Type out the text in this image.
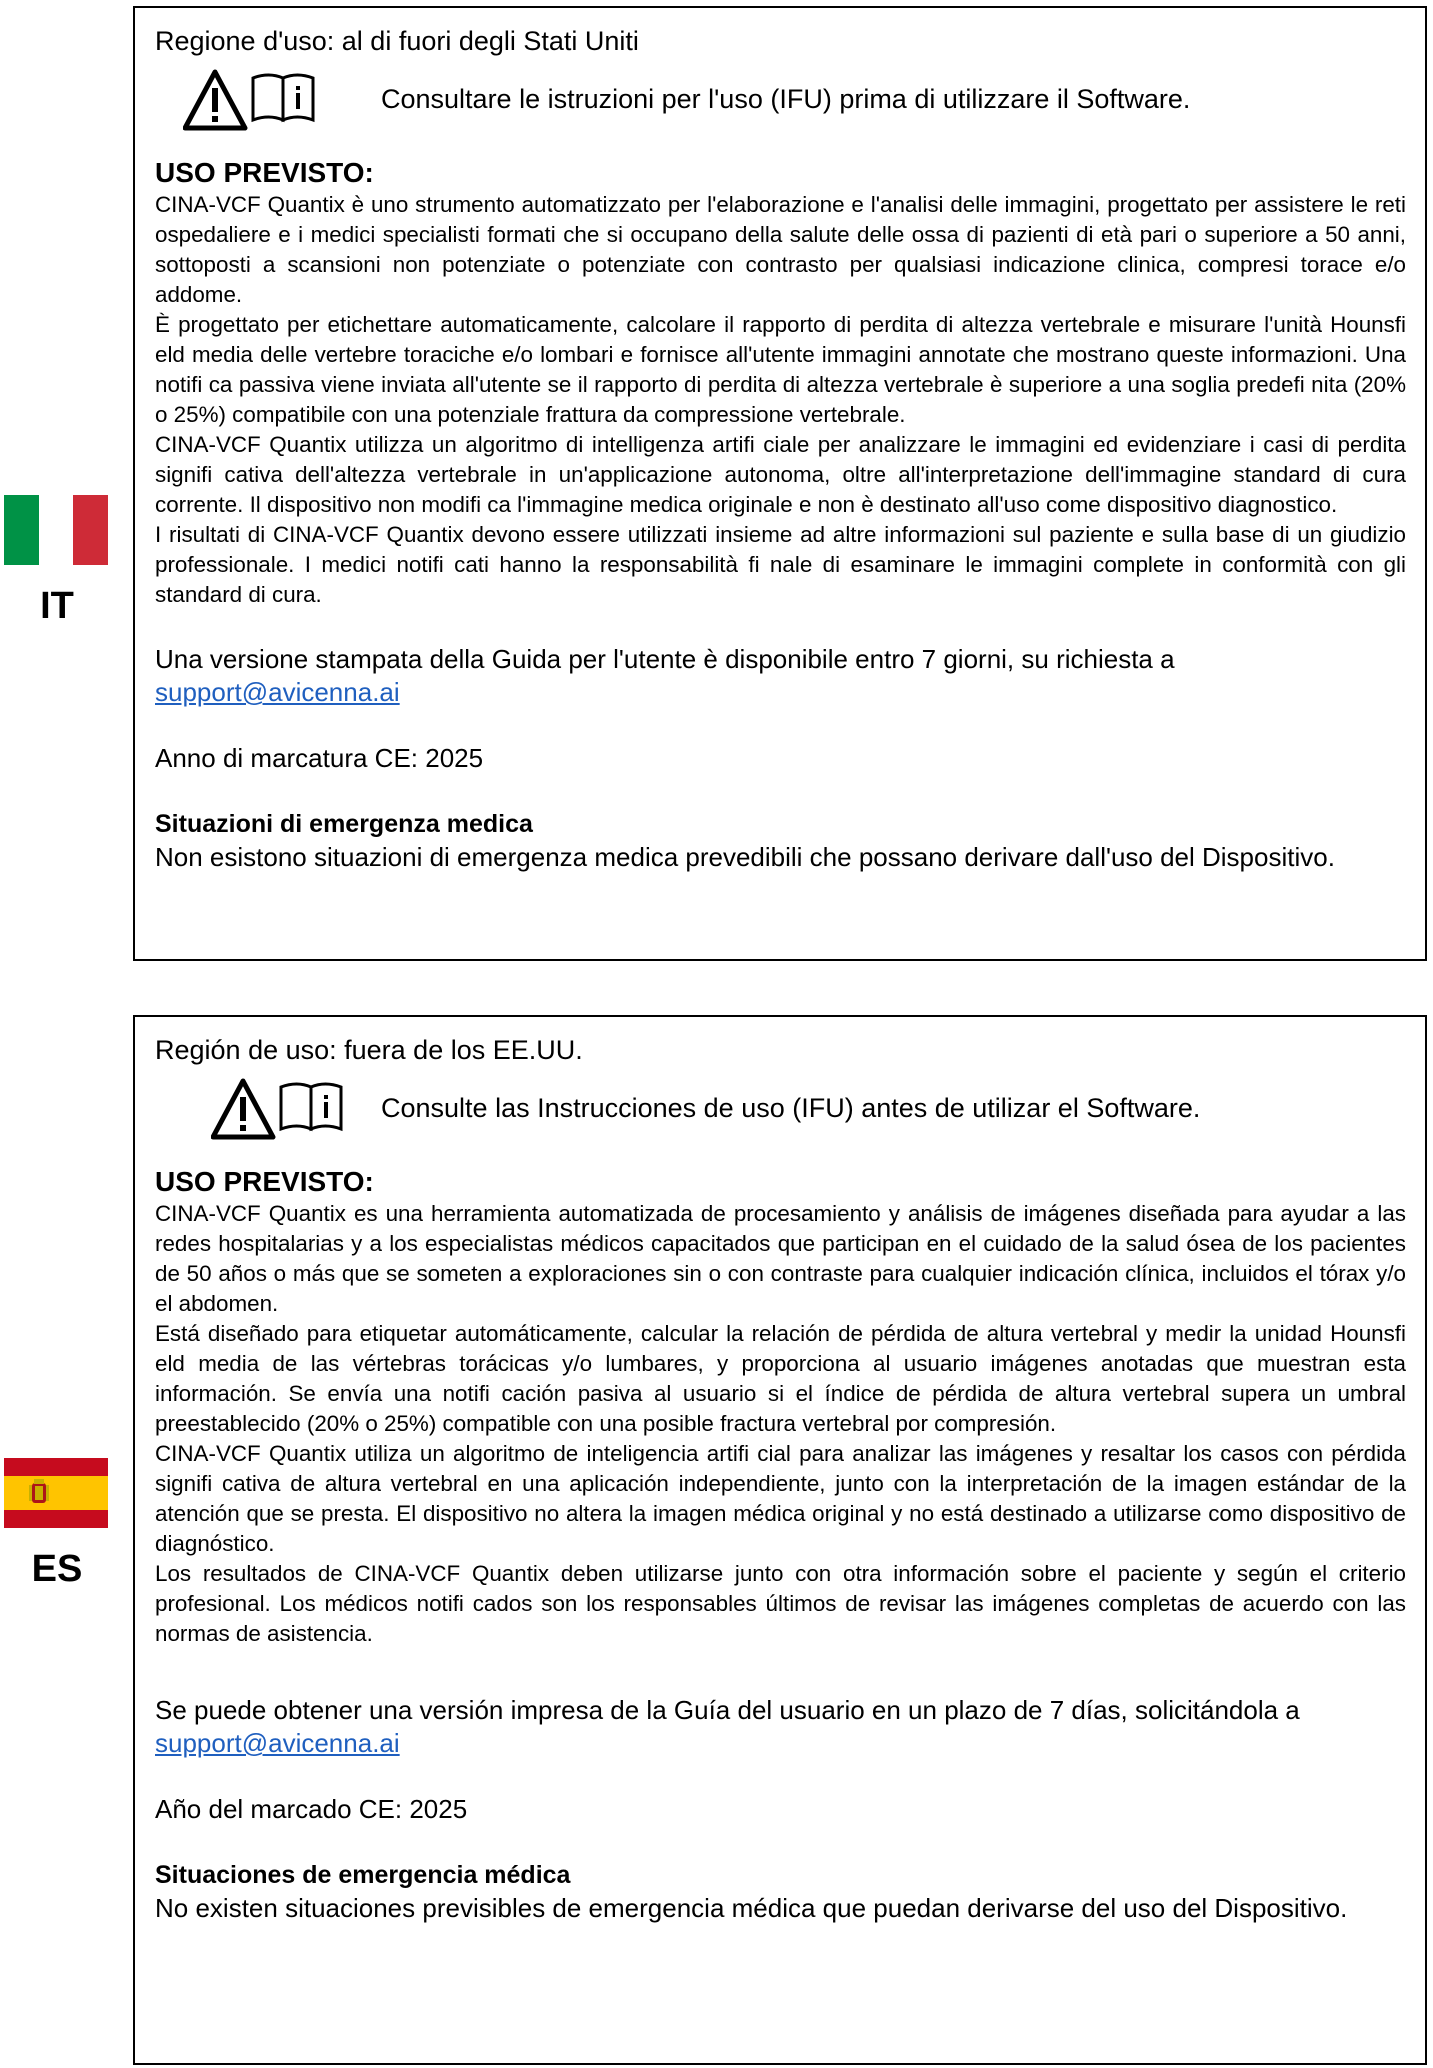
IT
Regione d'uso: al di fuori degli Stati Uniti
Consultare le istruzioni per l'uso (IFU) prima di utilizzare il Software.
USO PREVISTO:

CINA-VCF Quantix è uno strumento automatizzato per l'elaborazione e l'analisi delle immagini, progettato per assistere le reti ospedaliere e i medici specialisti formati che si occupano della salute delle ossa di pazienti di età pari o superiore a 50 anni, sottoposti a scansioni non potenziate o potenziate con contrasto per qualsiasi indicazione clinica, compresi torace e/o addome.

È progettato per etichettare automaticamente, calcolare il rapporto di perdita di altezza vertebrale e misurare l'unità Hounsfi eld media delle vertebre toraciche e/o lombari e fornisce all'utente immagini annotate che mostrano queste informazioni. Una notifi ca passiva viene inviata all'utente se il rapporto di perdita di altezza vertebrale è superiore a una soglia predefi nita (20% o 25%) compatibile con una potenziale frattura da compressione vertebrale.

CINA-VCF Quantix utilizza un algoritmo di intelligenza artifi ciale per analizzare le immagini ed evidenziare i casi di perdita signifi cativa dell'altezza vertebrale in un'applicazione autonoma, oltre all'interpretazione dell'immagine standard di cura corrente. Il dispositivo non modifi ca l'immagine medica originale e non è destinato all'uso come dispositivo diagnostico.

I risultati di CINA-VCF Quantix devono essere utilizzati insieme ad altre informazioni sul paziente e sulla base di un giudizio professionale. I medici notifi cati hanno la responsabilità fi nale di esaminare le immagini complete in conformità con gli standard di cura.

Una versione stampata della Guida per l'utente è disponibile entro 7 giorni, su richiesta a
support@avicenna.ai
Anno di marcatura CE: 2025
Situazioni di emergenza medica
Non esistono situazioni di emergenza medica prevedibili che possano derivare dall'uso del Dispositivo.
ES
Región de uso: fuera de los EE.UU.
Consulte las Instrucciones de uso (IFU) antes de utilizar el Software.
USO PREVISTO:

CINA-VCF Quantix es una herramienta automatizada de procesamiento y análisis de imágenes diseñada para ayudar a las redes hospitalarias y a los especialistas médicos capacitados que participan en el cuidado de la salud ósea de los pacientes de 50 años o más que se someten a exploraciones sin o con contraste para cualquier indicación clínica, incluidos el tórax y/o el abdomen.

Está diseñado para etiquetar automáticamente, calcular la relación de pérdida de altura vertebral y medir la unidad Hounsfi eld media de las vértebras torácicas y/o lumbares, y proporciona al usuario imágenes anotadas que muestran esta información. Se envía una notifi cación pasiva al usuario si el índice de pérdida de altura vertebral supera un umbral preestablecido (20% o 25%) compatible con una posible fractura vertebral por compresión.

CINA-VCF Quantix utiliza un algoritmo de inteligencia artifi cial para analizar las imágenes y resaltar los casos con pérdida signifi cativa de altura vertebral en una aplicación independiente, junto con la interpretación de la imagen estándar de la atención que se presta. El dispositivo no altera la imagen médica original y no está destinado a utilizarse como dispositivo de diagnóstico.

Los resultados de CINA-VCF Quantix deben utilizarse junto con otra información sobre el paciente y según el criterio profesional. Los médicos notifi cados son los responsables últimos de revisar las imágenes completas de acuerdo con las normas de asistencia.

Se puede obtener una versión impresa de la Guía del usuario en un plazo de 7 días, solicitándola a
support@avicenna.ai
Año del marcado CE: 2025
Situaciones de emergencia médica
No existen situaciones previsibles de emergencia médica que puedan derivarse del uso del Dispositivo.
